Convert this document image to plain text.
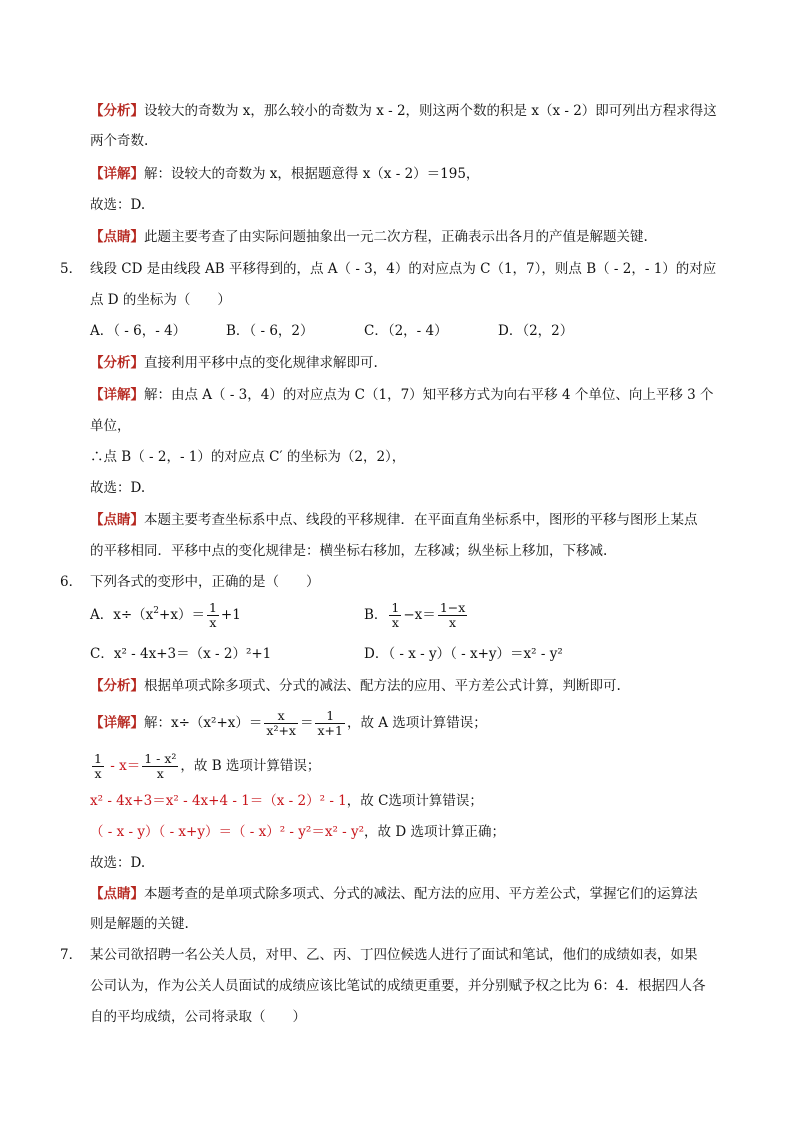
【分析】设较大的奇数为 x，那么较小的奇数为 x - 2，则这两个数的积是 x（x - 2）即可列出方程求得这
两个奇数.
【详解】解：设较大的奇数为 x，根据题意得 x（x - 2）＝195，
故选：D.
【点睛】此题主要考查了由实际问题抽象出一元二次方程，正确表示出各月的产值是解题关键.
5． 线段 CD 是由线段 AB 平移得到的，点 A（ - 3，4）的对应点为 C（1，7），则点 B（ - 2，- 1）的对应
点 D 的坐标为（　　）
A．（ - 6，- 4）	B．（ - 6，2）	C．（2，- 4）	D．（2，2）
【分析】直接利用平移中点的变化规律求解即可.
【详解】解：由点 A（ - 3，4）的对应点为 C（1，7）知平移方式为向右平移 4 个单位、向上平移 3 个
单位，
∴点 B（ - 2，- 1）的对应点 C′ 的坐标为（2，2），
故选：D.
【点睛】本题主要考查坐标系中点、线段的平移规律．在平面直角坐标系中，图形的平移与图形上某点
的平移相同．平移中点的变化规律是：横坐标右移加，左移减；纵坐标上移加，下移减.
6． 下列各式的变形中，正确的是（　　）
A．$x\div(x^2+x)= \frac{1}{x} +1$	B． $\frac{1}{x} -x= \frac{1-x}{x}$
C．x² - 4x+3＝（x - 2）²+1	D．（ - x - y）（ - x+y）＝x² - y²
【分析】根据单项式除多项式、分式的减法、配方法的应用、平方差公式计算，判断即可.
【详解】解：$x\div(x^2+x)= \frac{x}{\text{x²+x}} = \frac{1}{x+1}$ ，故 A 选项计算错误；
$\frac{1}{x} - x= \frac{\text{1 - x²}}{x}$ ，故 B 选项计算错误；
x² - 4x+3＝x² - 4x+4 - 1＝（x - 2）² - 1，故 C选项计算错误；
（ - x - y）（ - x+y）＝（ - x）² - y²＝x² - y²，故 D 选项计算正确；
故选：D.
【点睛】本题考查的是单项式除多项式、分式的减法、配方法的应用、平方差公式，掌握它们的运算法
则是解题的关键.
7． 某公司欲招聘一名公关人员，对甲、乙、丙、丁四位候选人进行了面试和笔试，他们的成绩如表，如果
公司认为，作为公关人员面试的成绩应该比笔试的成绩更重要，并分别赋予权之比为 6：4．根据四人各
自的平均成绩，公司将录取（　　）
